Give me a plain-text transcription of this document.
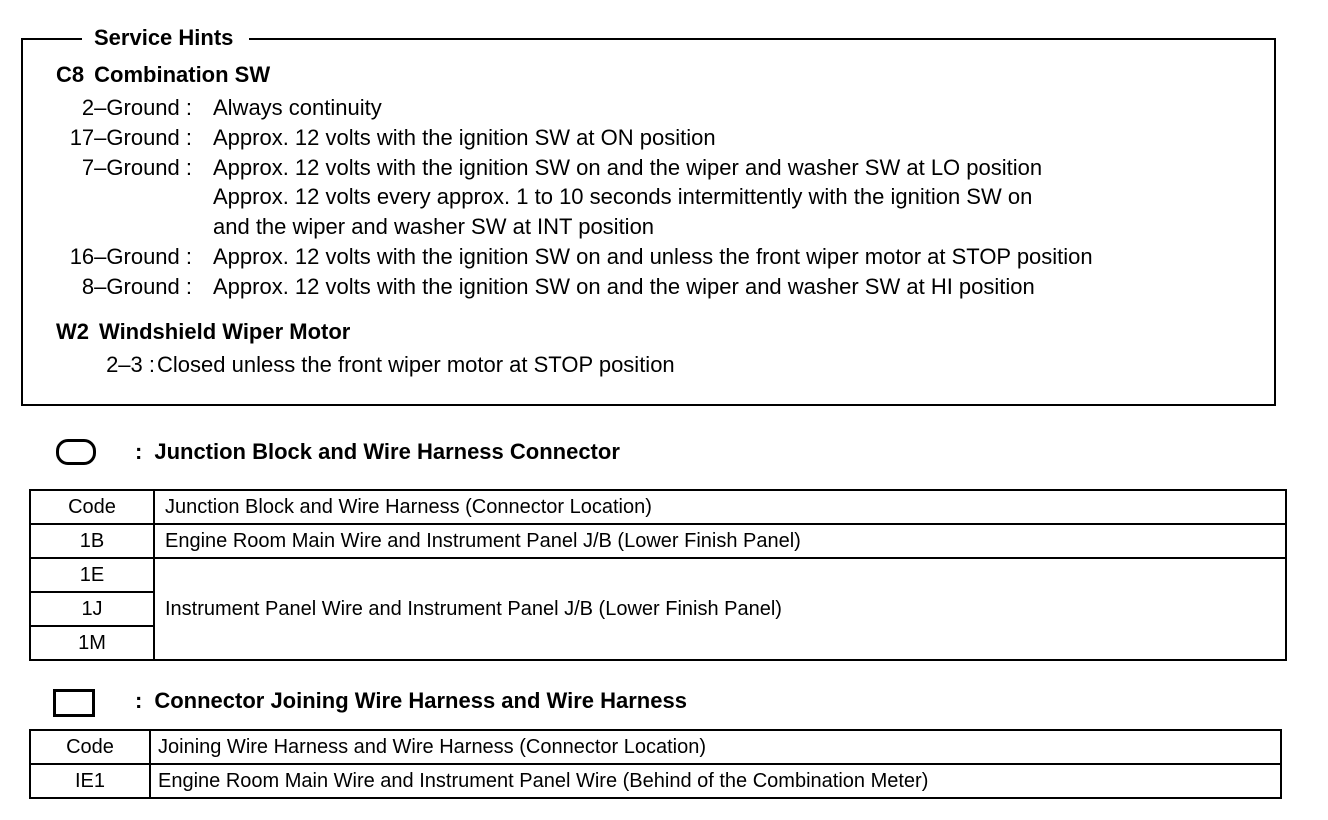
Service Hints
C8 Combination SW
2–Ground : Always continuity
17–Ground : Approx. 12 volts with the ignition SW at ON position
7–Ground : Approx. 12 volts with the ignition SW on and the wiper and washer SW at LO position
Approx. 12 volts every approx. 1 to 10 seconds intermittently with the ignition SW on
and the wiper and washer SW at INT position
16–Ground : Approx. 12 volts with the ignition SW on and unless the front wiper motor at STOP position
8–Ground : Approx. 12 volts with the ignition SW on and the wiper and washer SW at HI position
W2 Windshield Wiper Motor
2–3 : Closed unless the front wiper motor at STOP position
: Junction Block and Wire Harness Connector
Code	Junction Block and Wire Harness (Connector Location)
1B	Engine Room Main Wire and Instrument Panel J/B (Lower Finish Panel)
1E	Instrument Panel Wire and Instrument Panel J/B (Lower Finish Panel)
1J	
1M	
: Connector Joining Wire Harness and Wire Harness
Code	Joining Wire Harness and Wire Harness (Connector Location)
IE1	Engine Room Main Wire and Instrument Panel Wire (Behind of the Combination Meter)
